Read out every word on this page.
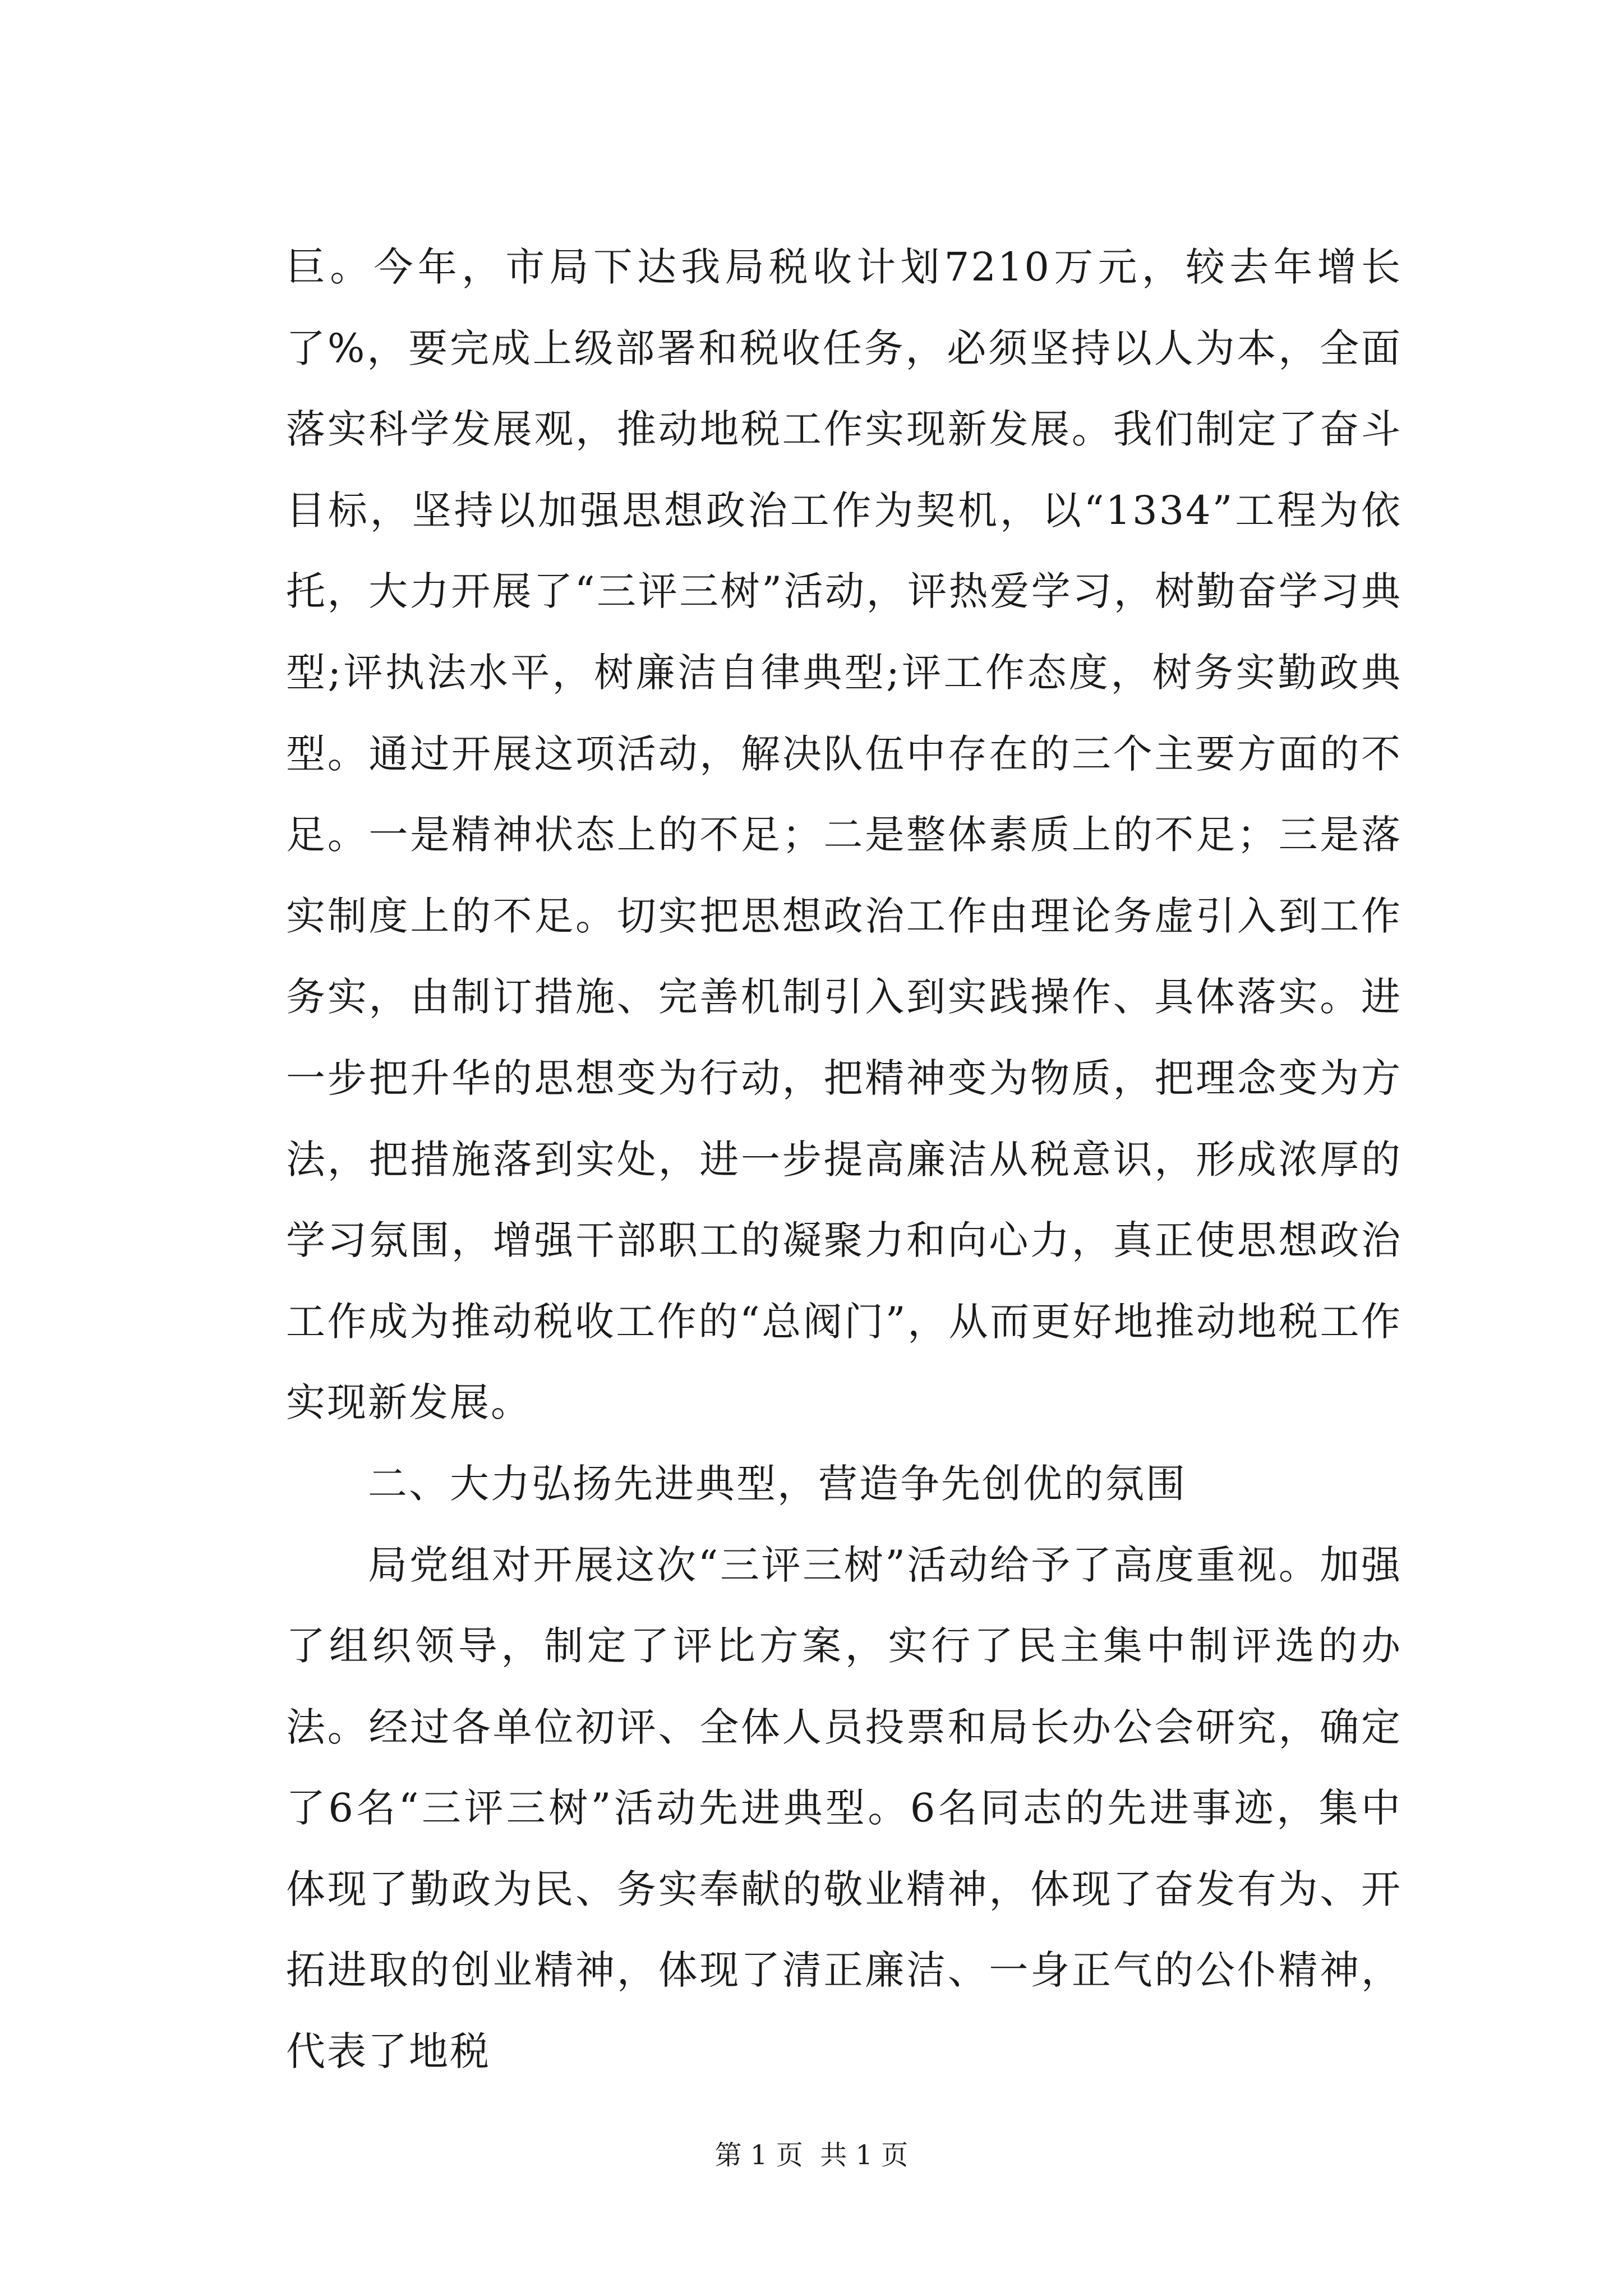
巨。今年，市局下达我局税收计划7210万元，较去年增长了%，要完成上级部署和税收任务，必须坚持以人为本，全面落实科学发展观，推动地税工作实现新发展。我们制定了奋斗目标，坚持以加强思想政治工作为契机，以“1334”工程为依托，大力开展了“三评三树”活动，评热爱学习，树勤奋学习典型;评执法水平，树廉洁自律典型;评工作态度，树务实勤政典型。通过开展这项活动，解决队伍中存在的三个主要方面的不足。一是精神状态上的不足；二是整体素质上的不足；三是落实制度上的不足。切实把思想政治工作由理论务虚引入到工作务实，由制订措施、完善机制引入到实践操作、具体落实。进一步把升华的思想变为行动，把精神变为物质，把理念变为方法，把措施落到实处，进一步提高廉洁从税意识，形成浓厚的学习氛围，增强干部职工的凝聚力和向心力，真正使思想政治工作成为推动税收工作的“总阀门”，从而更好地推动地税工作实现新发展。

二、大力弘扬先进典型，营造争先创优的氛围

局党组对开展这次“三评三树”活动给予了高度重视。加强了组织领导，制定了评比方案，实行了民主集中制评选的办法。经过各单位初评、全体人员投票和局长办公会研究，确定了6名“三评三树”活动先进典型。6名同志的先进事迹，集中体现了勤政为民、务实奉献的敬业精神，体现了奋发有为、开拓进取的创业精神，体现了清正廉洁、一身正气的公仆精神，代表了地税

第 1 页  共 1 页
